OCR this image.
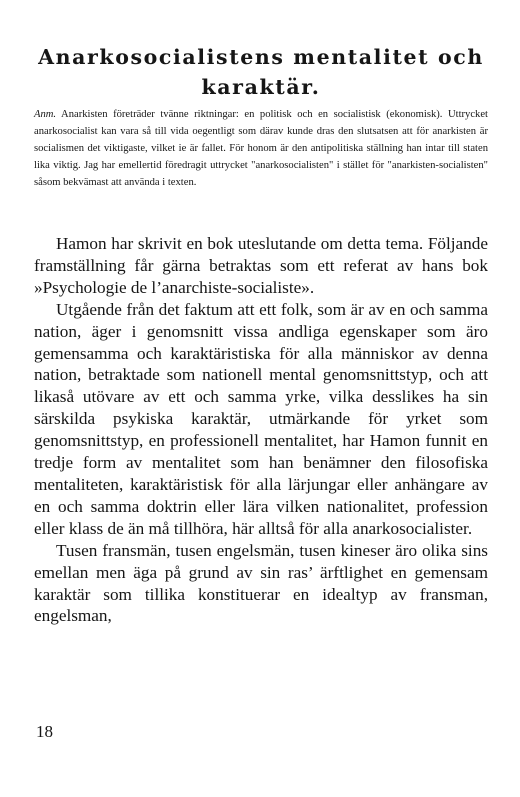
Anarkosocialistens mentalitet och
karaktär.

Anm. Anarkisten företräder tvänne riktningar: en politisk och en socialistisk (ekonomisk). Uttrycket anarkosocialist kan vara så till vida oegentligt som därav kunde dras den slutsatsen att för anarkisten är socialismen det viktigaste, vilket ie är fallet. För honom är den antipolitiska ställning han intar till staten lika viktig. Jag har emellertid föredragit uttrycket "anarkosocialisten" i stället för "anarkisten-socialisten" såsom bekvämast att använda i texten.

Hamon har skrivit en bok uteslutande om detta tema. Följande framställning får gärna betraktas som ett referat av hans bok »Psychologie de l’anarchiste-socialiste».

Utgående från det faktum att ett folk, som är av en och samma nation, äger i genomsnitt vissa andliga egenskaper som äro gemensamma och karaktäristiska för alla människor av denna nation, betraktade som nationell mental genomsnittstyp, och att likaså utövare av ett och samma yrke, vilka desslikes ha sin särskilda psykiska karaktär, utmärkande för yrket som genomsnittstyp, en professionell mentalitet, har Hamon funnit en tredje form av mentalitet som han benämner den filosofiska mentaliteten, karaktäristisk för alla lärjungar eller anhängare av en och samma doktrin eller lära vilken nationalitet, profession eller klass de än må tillhöra, här alltså för alla anarkosocialister.

Tusen fransmän, tusen engelsmän, tusen kineser äro olika sins emellan men äga på grund av sin ras’ ärftlighet en gemensam karaktär som tillika konstituerar en idealtyp av fransman, engelsman,

18
